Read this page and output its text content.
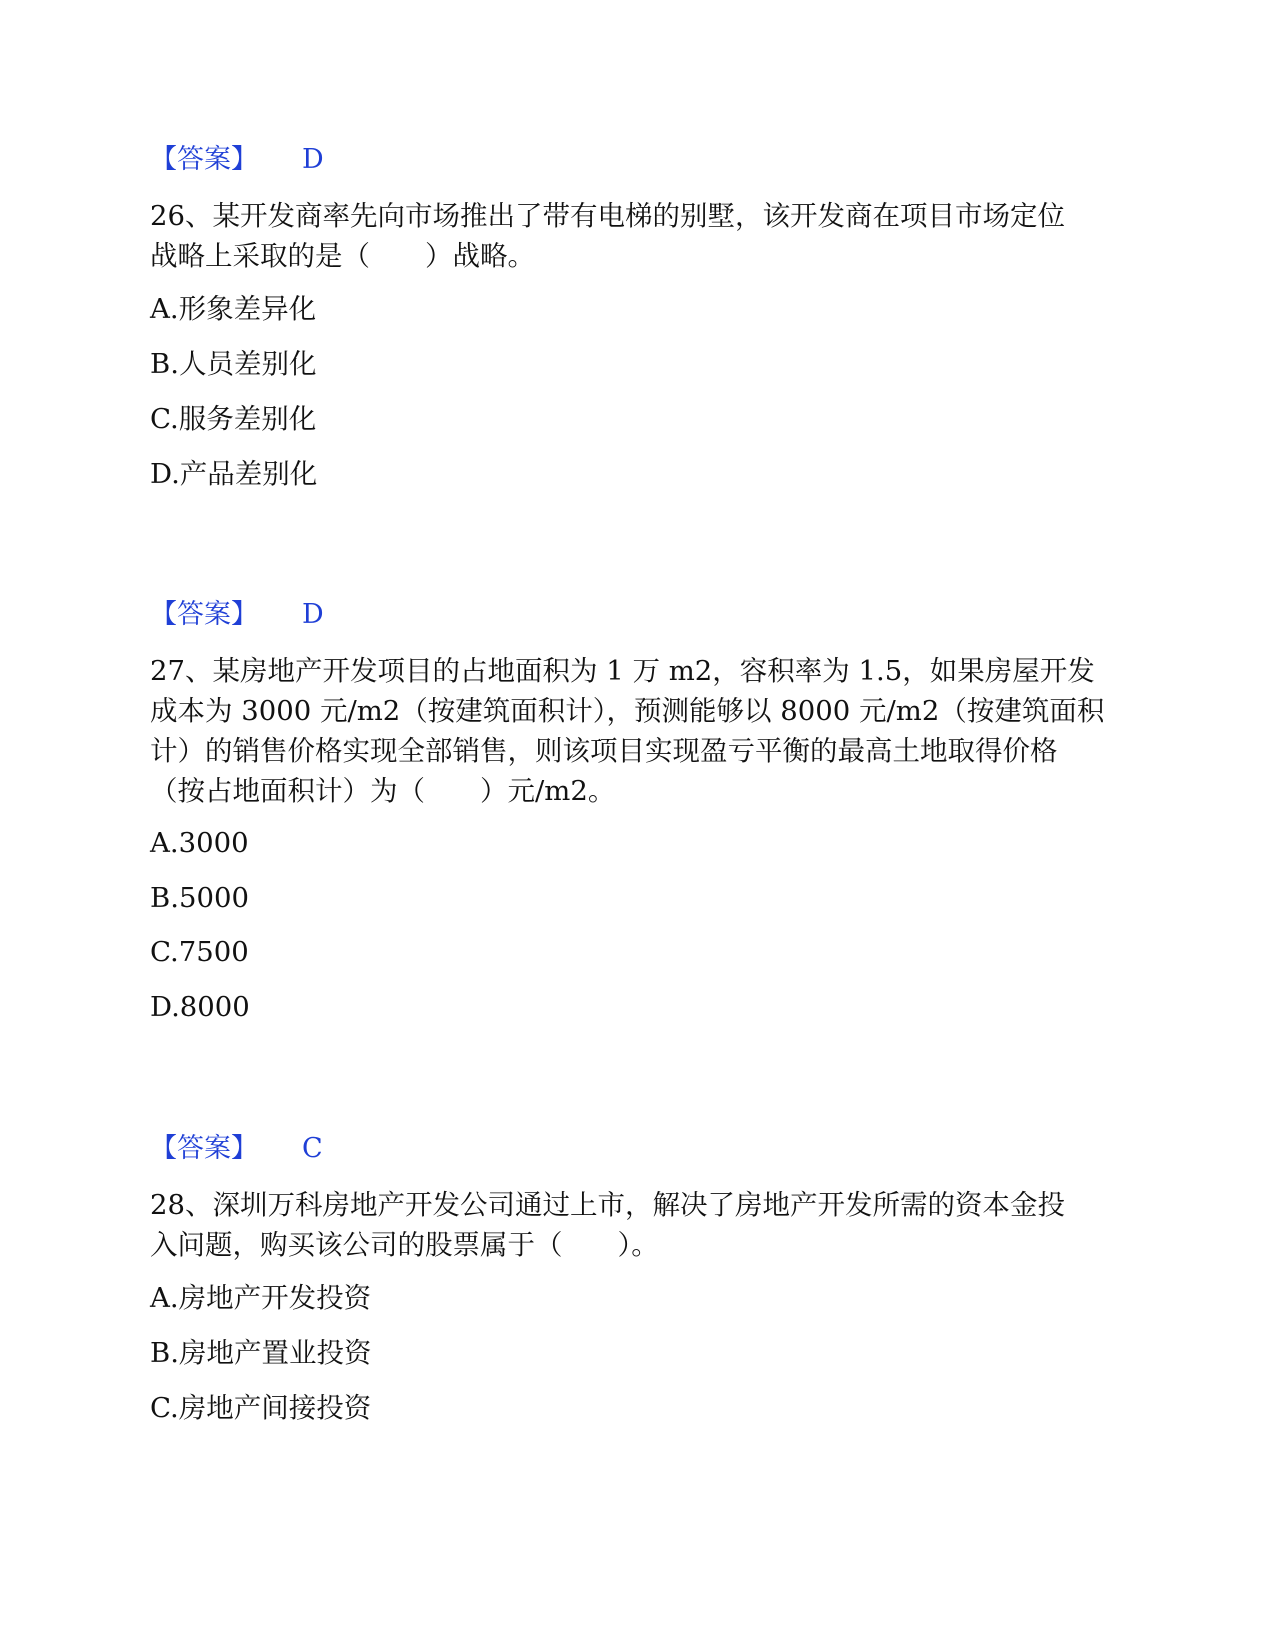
【答案】 D
26、某开发商率先向市场推出了带有电梯的别墅，该开发商在项目市场定位
战略上采取的是（　　）战略。
A.形象差异化
B.人员差别化
C.服务差别化
D.产品差别化
【答案】 D
27、某房地产开发项目的占地面积为 1 万 m2，容积率为 1.5，如果房屋开发
成本为 3000 元/m2（按建筑面积计），预测能够以 8000 元/m2（按建筑面积
计）的销售价格实现全部销售，则该项目实现盈亏平衡的最高土地取得价格
（按占地面积计）为（　　）元/m2。
A.3000
B.5000
C.7500
D.8000
【答案】 C
28、深圳万科房地产开发公司通过上市，解决了房地产开发所需的资本金投
入问题，购买该公司的股票属于（　　）。
A.房地产开发投资
B.房地产置业投资
C.房地产间接投资
